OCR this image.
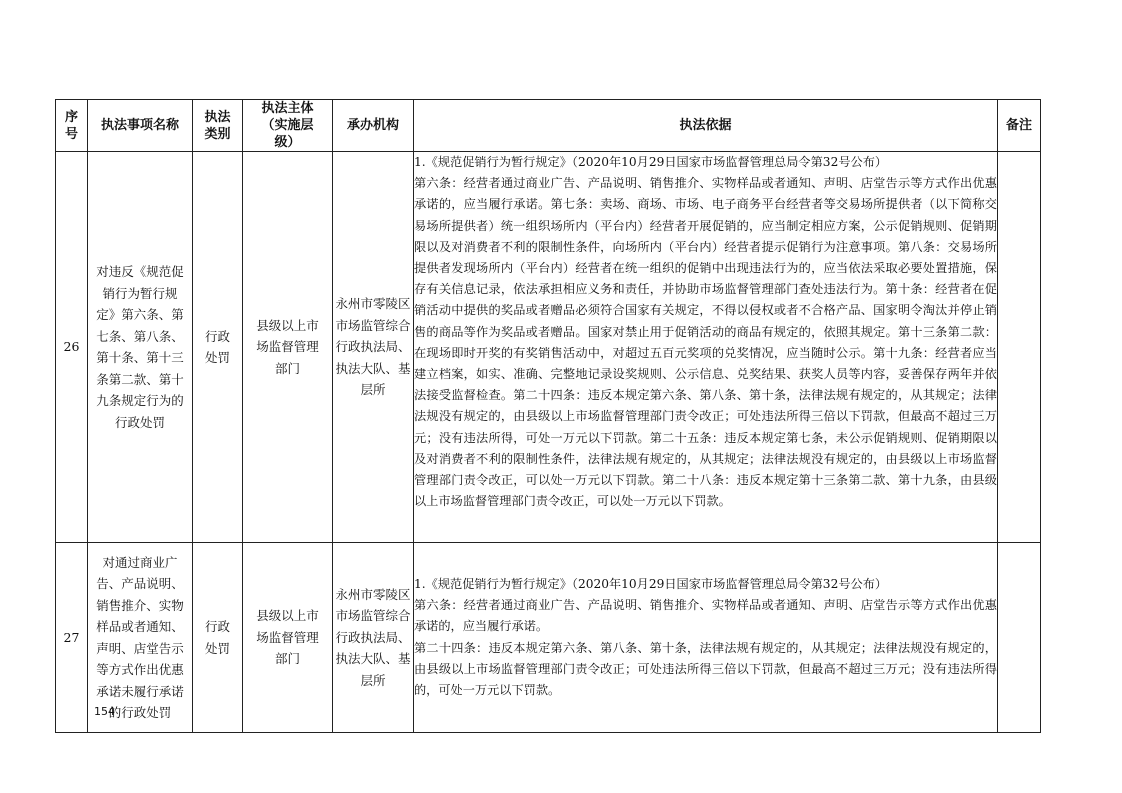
序号	执法事项名称	执法类别	执法主体（实施层级）	承办机构	执法依据	备注
26	对违反《规范促销行为暂行规定》第六条、第七条、第八条、第十条、第十三条第二款、第十九条规定行为的行政处罚	行政处罚	县级以上市场监督管理部门	永州市零陵区市场监管综合行政执法局、执法大队、基层所	1.《规范促销行为暂行规定》（2020年10月29日国家市场监督管理总局令第32号公布）

第六条：经营者通过商业广告、产品说明、销售推介、实物样品或者通知、声明、店堂告示等方式作出优惠承诺的，应当履行承诺。第七条：卖场、商场、市场、电子商务平台经营者等交易场所提供者（以下简称交易场所提供者）统一组织场所内（平台内）经营者开展促销的，应当制定相应方案，公示促销规则、促销期限以及对消费者不利的限制性条件，向场所内（平台内）经营者提示促销行为注意事项。第八条：交易场所提供者发现场所内（平台内）经营者在统一组织的促销中出现违法行为的，应当依法采取必要处置措施，保存有关信息记录，依法承担相应义务和责任，并协助市场监督管理部门查处违法行为。第十条：经营者在促销活动中提供的奖品或者赠品必须符合国家有关规定，不得以侵权或者不合格产品、国家明令淘汰并停止销售的商品等作为奖品或者赠品。国家对禁止用于促销活动的商品有规定的，依照其规定。第十三条第二款：在现场即时开奖的有奖销售活动中，对超过五百元奖项的兑奖情况，应当随时公示。第十九条：经营者应当建立档案，如实、准确、完整地记录设奖规则、公示信息、兑奖结果、获奖人员等内容，妥善保存两年并依法接受监督检查。第二十四条：违反本规定第六条、第八条、第十条，法律法规有规定的，从其规定；法律法规没有规定的，由县级以上市场监督管理部门责令改正；可处违法所得三倍以下罚款，但最高不超过三万元；没有违法所得，可处一万元以下罚款。第二十五条：违反本规定第七条，未公示促销规则、促销期限以及对消费者不利的限制性条件，法律法规有规定的，从其规定；法律法规没有规定的，由县级以上市场监督管理部门责令改正，可以处一万元以下罚款。第二十八条：违反本规定第十三条第二款、第十九条，由县级以上市场监督管理部门责令改正，可以处一万元以下罚款。	

27	对通过商业广告、产品说明、销售推介、实物样品或者通知、声明、店堂告示等方式作出优惠承诺未履行承诺的行政处罚	行政处罚	县级以上市场监督管理部门	永州市零陵区市场监管综合行政执法局、执法大队、基层所	1.《规范促销行为暂行规定》（2020年10月29日国家市场监督管理总局令第32号公布）

第六条：经营者通过商业广告、产品说明、销售推介、实物样品或者通知、声明、店堂告示等方式作出优惠承诺的，应当履行承诺。

第二十四条：违反本规定第六条、第八条、第十条，法律法规有规定的，从其规定；法律法规没有规定的，由县级以上市场监督管理部门责令改正；可处违法所得三倍以下罚款，但最高不超过三万元；没有违法所得的，可处一万元以下罚款。	

154
